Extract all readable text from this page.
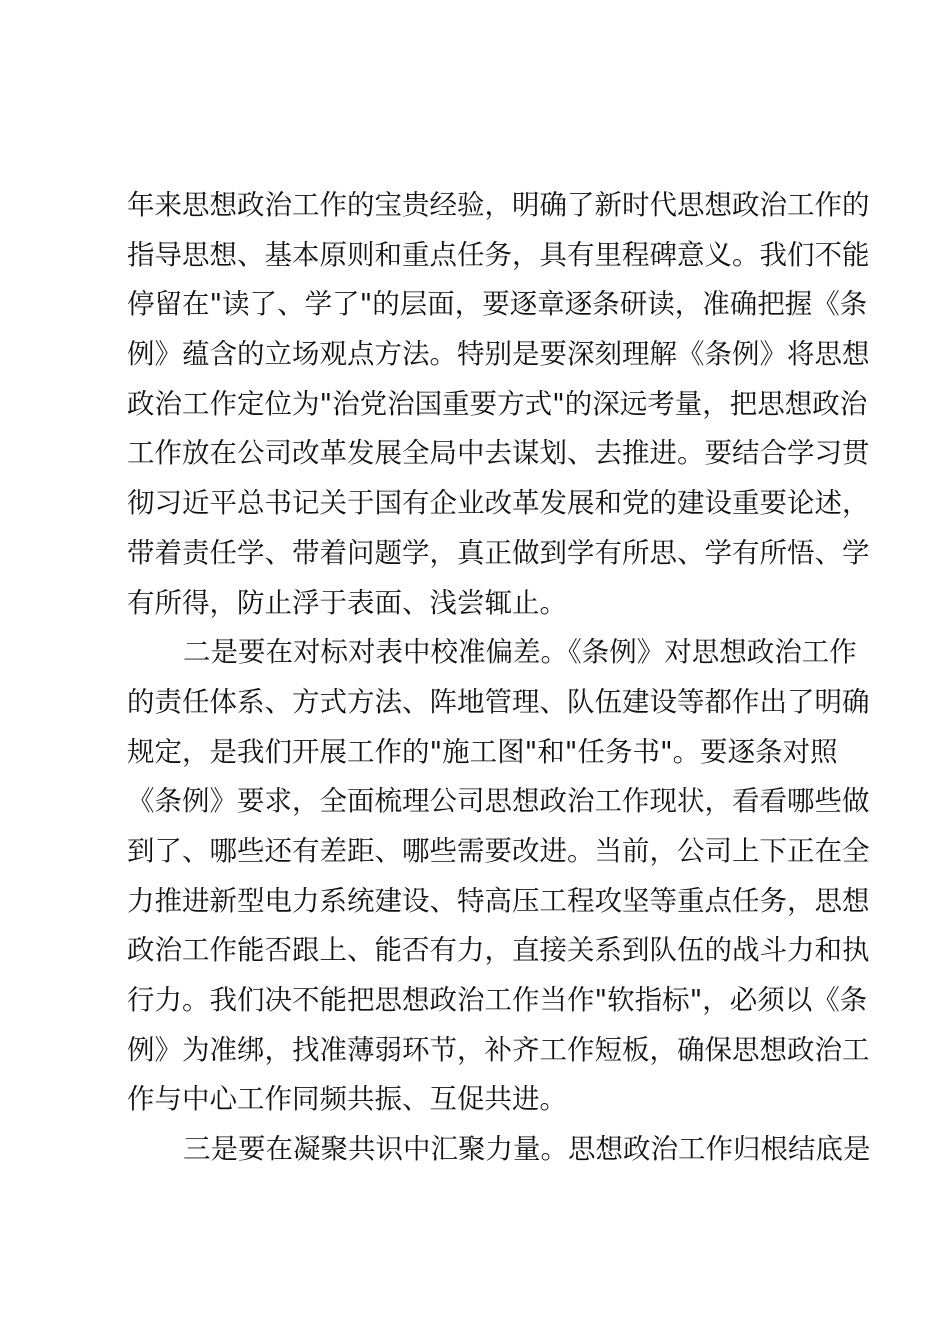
年来思想政治工作的宝贵经验，明确了新时代思想政治工作的
指导思想、基本原则和重点任务，具有里程碑意义。我们不能
停留在"读了、学了"的层面，要逐章逐条研读，准确把握《条
例》蕴含的立场观点方法。特别是要深刻理解《条例》将思想
政治工作定位为"治党治国重要方式"的深远考量，把思想政治
工作放在公司改革发展全局中去谋划、去推进。要结合学习贯
彻习近平总书记关于国有企业改革发展和党的建设重要论述，
带着责任学、带着问题学，真正做到学有所思、学有所悟、学
有所得，防止浮于表面、浅尝辄止。
二是要在对标对表中校准偏差。《条例》对思想政治工作
的责任体系、方式方法、阵地管理、队伍建设等都作出了明确
规定，是我们开展工作的"施工图"和"任务书"。要逐条对照
《条例》要求，全面梳理公司思想政治工作现状，看看哪些做
到了、哪些还有差距、哪些需要改进。当前，公司上下正在全
力推进新型电力系统建设、特高压工程攻坚等重点任务，思想
政治工作能否跟上、能否有力，直接关系到队伍的战斗力和执
行力。我们决不能把思想政治工作当作"软指标"，必须以《条
例》为准绑，找准薄弱环节，补齐工作短板，确保思想政治工
作与中心工作同频共振、互促共进。
三是要在凝聚共识中汇聚力量。思想政治工作归根结底是
